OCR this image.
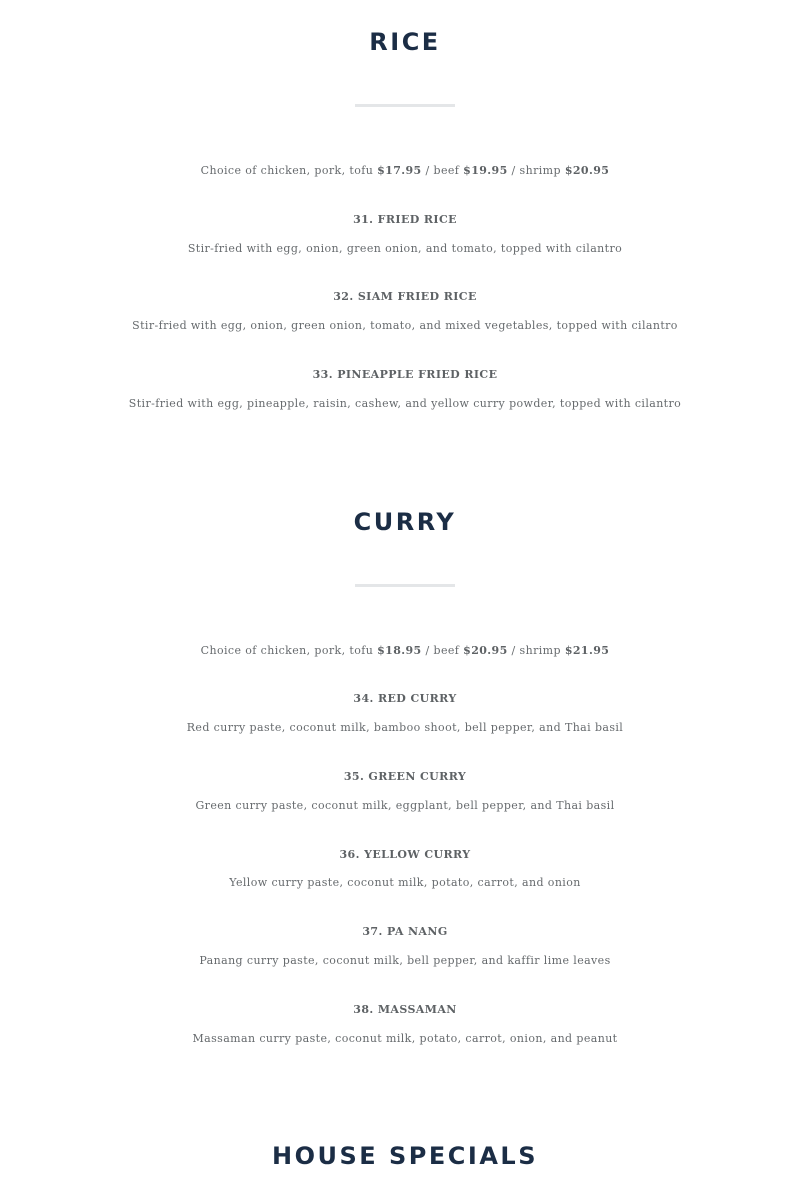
RICE
Choice of chicken, pork, tofu $17.95 / beef $19.95 / shrimp $20.95
31. FRIED RICE
Stir-fried with egg, onion, green onion, and tomato, topped with cilantro
32. SIAM FRIED RICE
Stir-fried with egg, onion, green onion, tomato, and mixed vegetables, topped with cilantro
33. PINEAPPLE FRIED RICE
Stir-fried with egg, pineapple, raisin, cashew, and yellow curry powder, topped with cilantro
CURRY
Choice of chicken, pork, tofu $18.95 / beef $20.95 / shrimp $21.95
34. RED CURRY
Red curry paste, coconut milk, bamboo shoot, bell pepper, and Thai basil
35. GREEN CURRY
Green curry paste, coconut milk, eggplant, bell pepper, and Thai basil
36. YELLOW CURRY
Yellow curry paste, coconut milk, potato, carrot, and onion
37. PA NANG
Panang curry paste, coconut milk, bell pepper, and kaffir lime leaves
38. MASSAMAN
Massaman curry paste, coconut milk, potato, carrot, onion, and peanut
HOUSE SPECIALS
